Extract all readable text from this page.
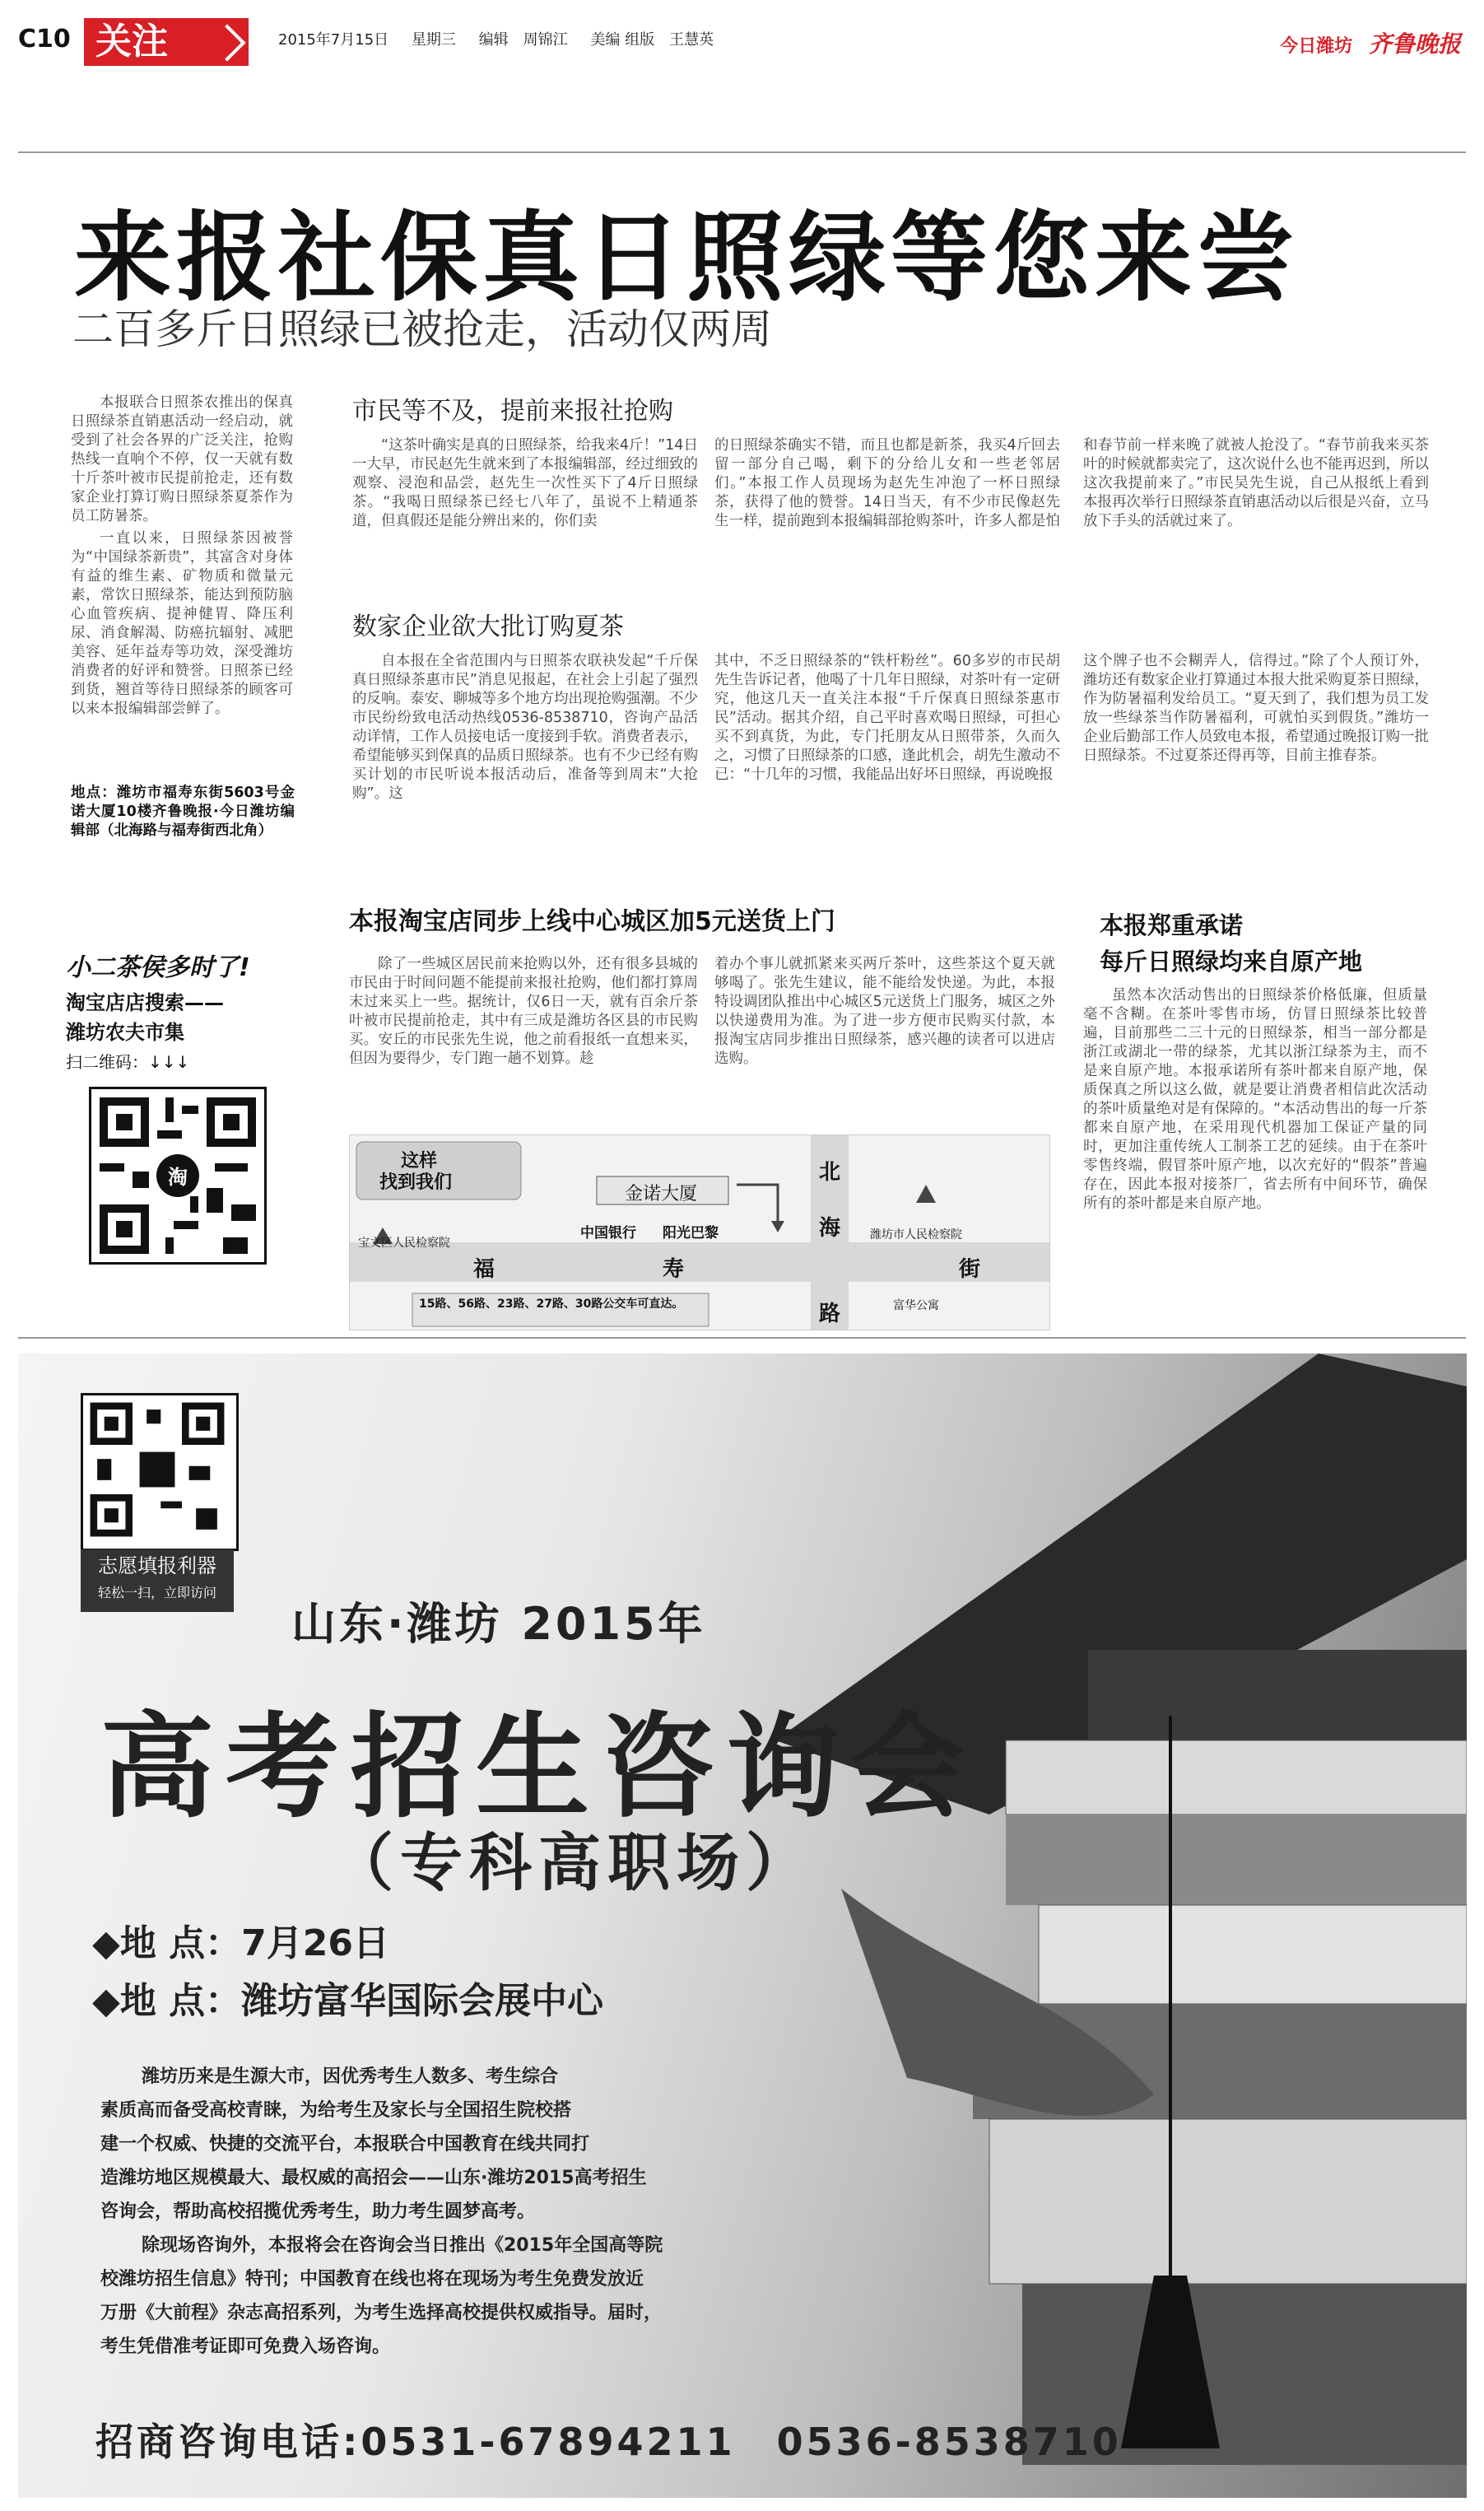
C10 关注	2015年7月15日 星期三 编辑　周锦江 美编 组版　王慧英	今日潍坊 齐鲁晚报
来报社保真日照绿等您来尝
二百多斤日照绿已被抢走，活动仅两周
本报联合日照茶农推出的保真日照绿茶直销惠活动一经启动，就受到了社会各界的广泛关注，抢购热线一直响个不停，仅一天就有数十斤茶叶被市民提前抢走，还有数家企业打算订购日照绿茶夏茶作为员工防暑茶。
一直以来，日照绿茶因被誉为“中国绿茶新贵”，其富含对身体有益的维生素、矿物质和微量元素，常饮日照绿茶，能达到预防脑心血管疾病、提神健胃、降压利尿、消食解渴、防癌抗辐射、减肥美容、延年益寿等功效，深受潍坊消费者的好评和赞誉。日照茶已经到货，翘首等待日照绿茶的顾客可以来本报编辑部尝鲜了。
地点：潍坊市福寿东街5603号金诺大厦10楼齐鲁晚报·今日潍坊编辑部（北海路与福寿街西北角）
市民等不及，提前来报社抢购
“这茶叶确实是真的日照绿茶，给我来4斤！”14日一大早，市民赵先生就来到了本报编辑部，经过细致的观察、浸泡和品尝，赵先生一次性买下了4斤日照绿茶。“我喝日照绿茶已经七八年了，虽说不上精通茶道，但真假还是能分辨出来的，你们卖
的日照绿茶确实不错，而且也都是新茶，我买4斤回去留一部分自己喝，剩下的分给儿女和一些老邻居们。”本报工作人员现场为赵先生冲泡了一杯日照绿茶，获得了他的赞誉。14日当天，有不少市民像赵先生一样，提前跑到本报编辑部抢购茶叶，许多人都是怕
和春节前一样来晚了就被人抢没了。“春节前我来买茶叶的时候就都卖完了，这次说什么也不能再迟到，所以这次我提前来了。”市民吴先生说，自己从报纸上看到本报再次举行日照绿茶直销惠活动以后很是兴奋，立马放下手头的活就过来了。
数家企业欲大批订购夏茶
自本报在全省范围内与日照茶农联袂发起“千斤保真日照绿茶惠市民”消息见报起，在社会上引起了强烈的反响。泰安、聊城等多个地方均出现抢购强潮。不少市民纷纷致电活动热线0536-8538710，咨询产品活动详情，工作人员接电话一度接到手软。消费者表示，希望能够买到保真的品质日照绿茶。也有不少已经有购买计划的市民听说本报活动后，准备等到周末“大抢购”。这
其中，不乏日照绿茶的“铁杆粉丝”。60多岁的市民胡先生告诉记者，他喝了十几年日照绿，对茶叶有一定研究，他这几天一直关注本报“千斤保真日照绿茶惠市民”活动。据其介绍，自己平时喜欢喝日照绿，可担心买不到真货，为此，专门托朋友从日照带茶，久而久之，习惯了日照绿茶的口感，逢此机会，胡先生激动不已：“十几年的习惯，我能品出好坏日照绿，再说晚报
这个牌子也不会糊弄人，信得过。”除了个人预订外，潍坊还有数家企业打算通过本报大批采购夏茶日照绿，作为防暑福利发给员工。“夏天到了，我们想为员工发放一些绿茶当作防暑福利，可就怕买到假货。”潍坊一企业后勤部工作人员致电本报，希望通过晚报订购一批日照绿茶。不过夏茶还得再等，目前主推春茶。
小二茶侯多时了!
淘宝店店搜索——
潍坊农夫市集
扫二维码：↓↓↓
淘
本报淘宝店同步上线中心城区加5元送货上门
除了一些城区居民前来抢购以外，还有很多县城的市民由于时间问题不能提前来报社抢购，他们都打算周末过来买上一些。据统计，仅6日一天，就有百余斤茶叶被市民提前抢走，其中有三成是潍坊各区县的市民购买。安丘的市民张先生说，他之前看报纸一直想来买，但因为要得少，专门跑一趟不划算。趁
着办个事儿就抓紧来买两斤茶叶，这些茶这个夏天就够喝了。张先生建议，能不能给发快递。为此，本报特设调团队推出中心城区5元送货上门服务，城区之外以快递费用为准。为了进一步方便市民购买付款，本报淘宝店同步推出日照绿茶，感兴趣的读者可以进店选购。
本报郑重承诺
每斤日照绿均来自原产地
虽然本次活动售出的日照绿茶价格低廉，但质量毫不含糊。在茶叶零售市场，仿冒日照绿茶比较普遍，目前那些二三十元的日照绿茶，相当一部分都是浙江或湖北一带的绿茶，尤其以浙江绿茶为主，而不是来自原产地。本报承诺所有茶叶都来自原产地，保质保真之所以这么做，就是要让消费者相信此次活动的茶叶质量绝对是有保障的。“本活动售出的每一斤茶都来自原产地，在采用现代机器加工保证产量的同时，更加注重传统人工制茶工艺的延续。由于在茶叶零售终端，假冒茶叶原产地，以次充好的“假茶”普遍存在，因此本报对接茶厂，省去所有中间环节，确保所有的茶叶都是来自原产地。
这样
找到我们
金诺大厦
中国银行 阳光巴黎
宝文区人民检察院
潍坊市人民检察院
福	寿	街
北
海
路	富华公寓
15路、56路、23路、27路、30路公交车可直达。
志愿填报利器
轻松一扫，立即访问
山东·潍坊 2015年
高考招生咨询会
（专科高职场）
◆地 点：7月26日
◆地 点：潍坊富华国际会展中心
潍坊历来是生源大市，因优秀考生人数多、考生综合
素质高而备受高校青睐，为给考生及家长与全国招生院校搭
建一个权威、快捷的交流平台，本报联合中国教育在线共同打
造潍坊地区规模最大、最权威的高招会——山东·潍坊2015高考招生
咨询会，帮助高校招揽优秀考生，助力考生圆梦高考。
除现场咨询外，本报将会在咨询会当日推出《2015年全国高等院
校潍坊招生信息》特刊；中国教育在线也将在现场为考生免费发放近
万册《大前程》杂志高招系列，为考生选择高校提供权威指导。届时，
考生凭借准考证即可免费入场咨询。
招商咨询电话:0531-67894211　0536-8538710
